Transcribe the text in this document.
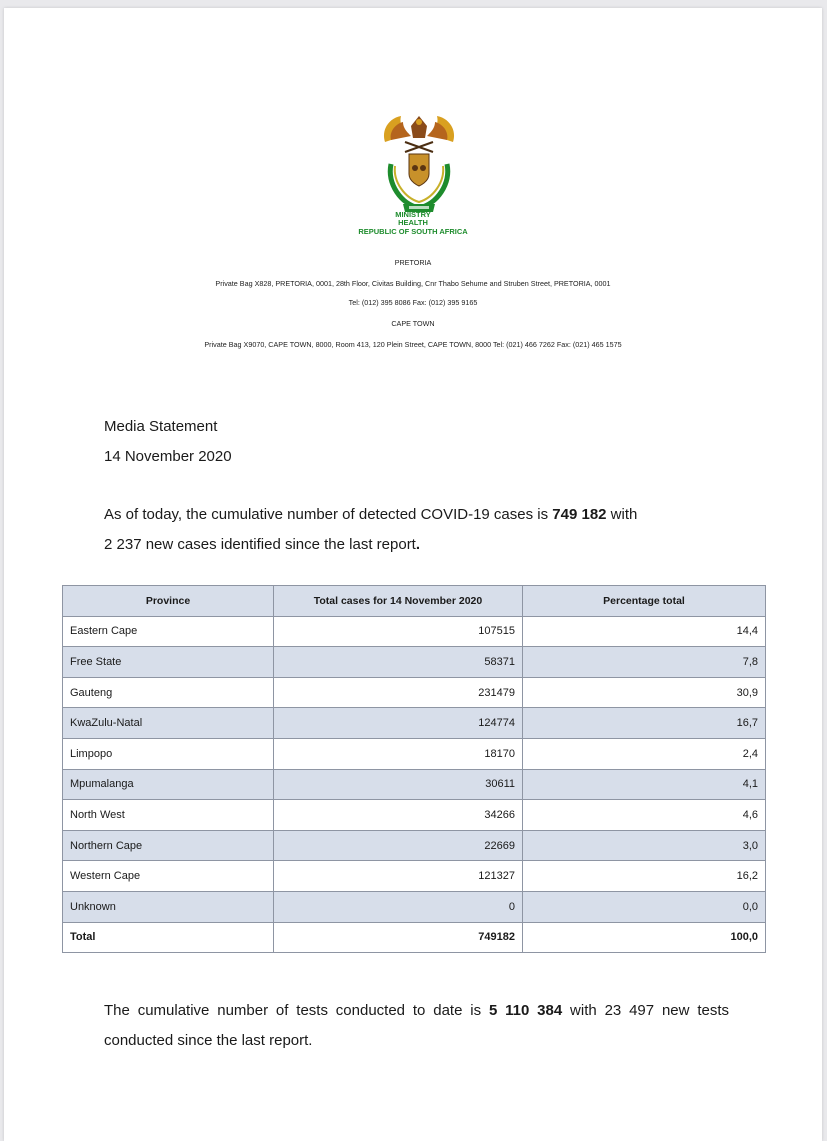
MINISTRY
HEALTH
REPUBLIC OF SOUTH AFRICA
PRETORIA
Private Bag X828, PRETORIA, 0001, 28th Floor, Civitas Building, Cnr Thabo Sehume and Struben Street, PRETORIA, 0001
Tel: (012) 395 8086 Fax: (012) 395 9165
CAPE TOWN
Private Bag X9070, CAPE TOWN, 8000, Room 413, 120 Plein Street, CAPE TOWN, 8000 Tel: (021) 466 7262 Fax: (021) 465 1575
Media Statement
14 November 2020
As of today, the cumulative number of detected COVID-19 cases is 749 182 with
2 237 new cases identified since the last report.
Province	Total cases for 14 November 2020	Percentage total
Eastern Cape	107515	14,4
Free State	58371	7,8
Gauteng	231479	30,9
KwaZulu-Natal	124774	16,7
Limpopo	18170	2,4
Mpumalanga	30611	4,1
North West	34266	4,6
Northern Cape	22669	3,0
Western Cape	121327	16,2
Unknown	0	0,0
Total	749182	100,0
The cumulative number of tests conducted to date is 5 110 384 with 23 497 new tests conducted since the last report.
